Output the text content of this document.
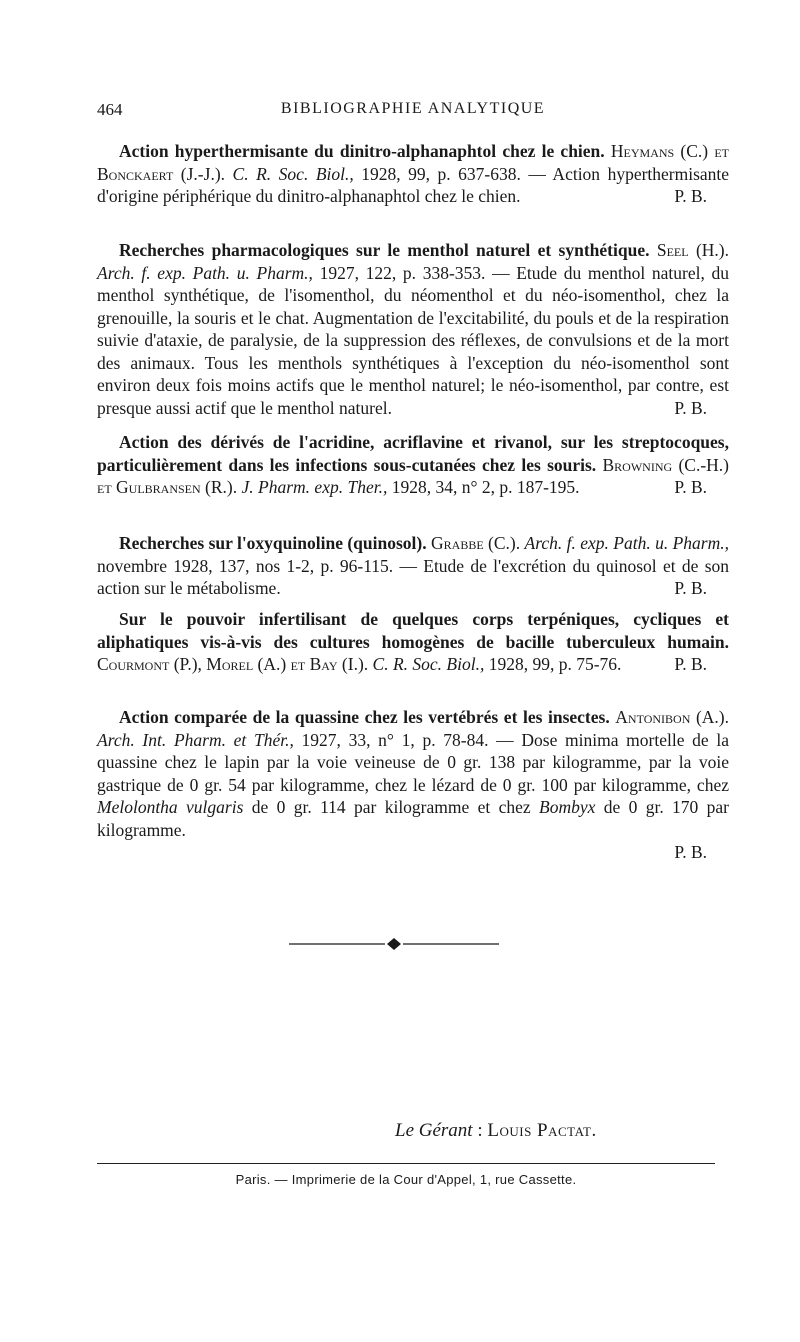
464	BIBLIOGRAPHIE ANALYTIQUE
Action hyperthermisante du dinitro-alphanaphtol chez le chien. Heymans (C.) et Bonckaert (J.-J.). C. R. Soc. Biol., 1928, 99, p. 637-638. — Action hyperthermisante d'origine périphérique du dinitro-alphanaphtol chez le chien.	P. B.
Recherches pharmacologiques sur le menthol naturel et synthétique. Seel (H.). Arch. f. exp. Path. u. Pharm., 1927, 122, p. 338-353. — Etude du menthol naturel, du menthol synthétique, de l'isomenthol, du néomenthol et du néo-isomenthol, chez la grenouille, la souris et le chat. Augmentation de l'excitabilité, du pouls et de la respiration suivie d'ataxie, de paralysie, de la suppression des réflexes, de convulsions et de la mort des animaux. Tous les menthols synthétiques à l'exception du néo-isomenthol sont environ deux fois moins actifs que le menthol naturel; le néo-isomenthol, par contre, est presque aussi actif que le menthol naturel.	P. B.
Action des dérivés de l'acridine, acriflavine et rivanol, sur les streptocoques, particulièrement dans les infections sous-cutanées chez les souris. Browning (C.-H.) et Gulbransen (R.). J. Pharm. exp. Ther., 1928, 34, n° 2, p. 187-195.	P. B.
Recherches sur l'oxyquinoline (quinosol). Grabbe (C.). Arch. f. exp. Path. u. Pharm., novembre 1928, 137, nos 1-2, p. 96-115. — Etude de l'excrétion du quinosol et de son action sur le métabolisme.	P. B.
Sur le pouvoir infertilisant de quelques corps terpéniques, cycliques et aliphatiques vis-à-vis des cultures homogènes de bacille tuberculeux humain. Courmont (P.), Morel (A.) et Bay (I.). C. R. Soc. Biol., 1928, 99, p. 75-76.	P. B.
Action comparée de la quassine chez les vertébrés et les insectes. Antonibon (A.). Arch. Int. Pharm. et Thér., 1927, 33, n° 1, p. 78-84. — Dose minima mortelle de la quassine chez le lapin par la voie veineuse de 0 gr. 138 par kilogramme, par la voie gastrique de 0 gr. 54 par kilogramme, chez le lézard de 0 gr. 100 par kilogramme, chez Melolontha vulgaris de 0 gr. 114 par kilogramme et chez Bombyx de 0 gr. 170 par kilogramme.
P. B.
Le Gérant : Louis Pactat.
Paris. — Imprimerie de la Cour d'Appel, 1, rue Cassette.
